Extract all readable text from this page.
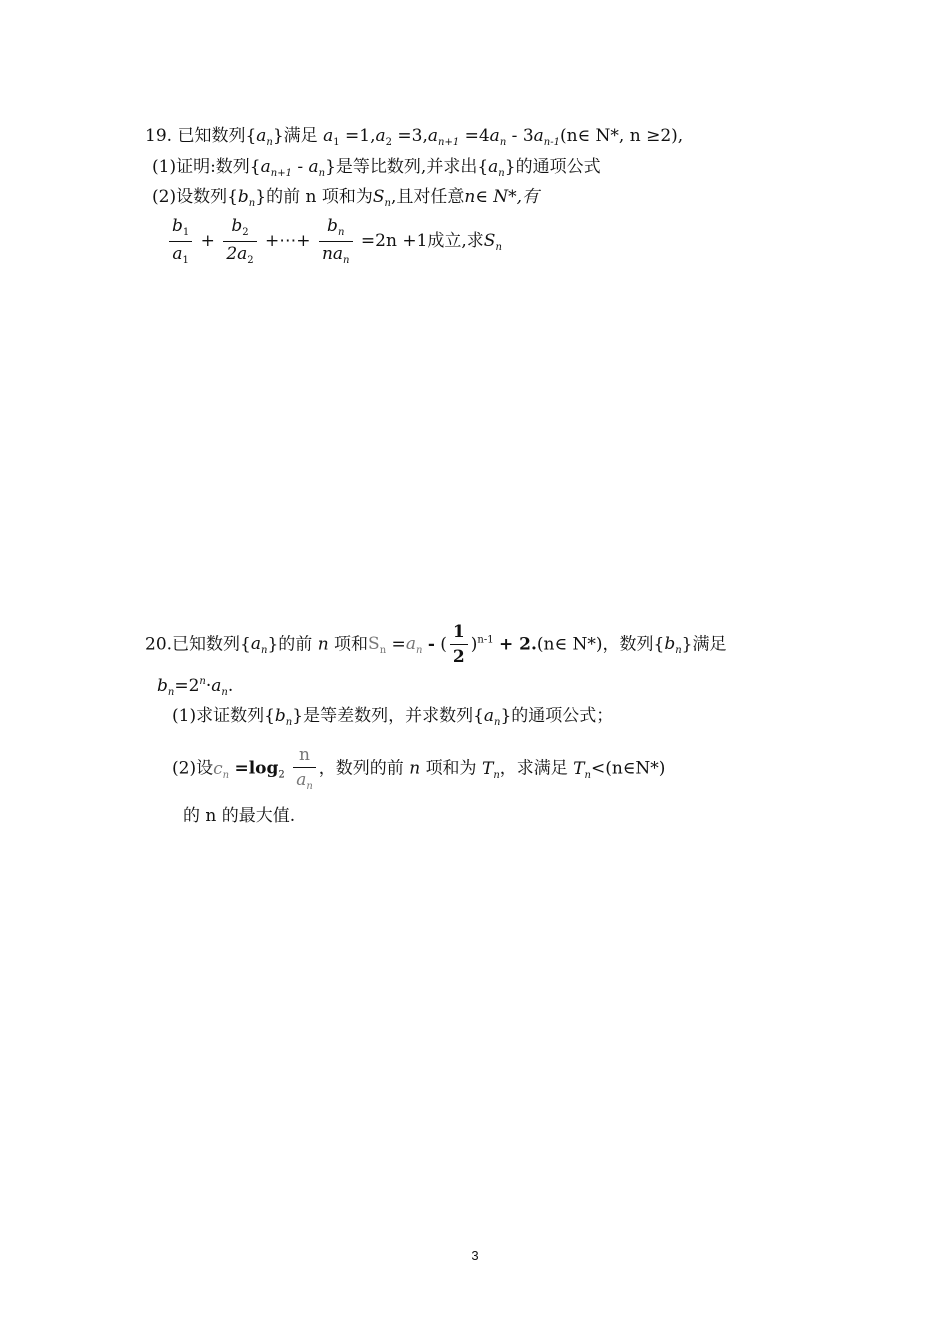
19. 已知数列$\{a_n\}$满足 $a_1 =1,a_2 =3,a_{n+1} =4a_n$ - $3a_{n-1}(n\in$ N*, n ≥2),
(1)证明:数列$\{a_{n+1} - a_n\}$是等比数列,并求出$\{a_n\}$的通项公式
(2)设数列$\{b_n\}$的前 n 项和为$S_n$,且对任意n∈ N*,有
$\frac{b_1}{a_1} + \frac{b_2}{2a_2}$ +⋯+ $\frac{b_n}{na_n} =2n +1$成立,求$S_n$
20.已知数列$\{a_n\}$的前 n 项和$S_n =a_n$ - ( $\frac{1}{2} )^{n-1}$ + 2.(n∈ N*)，数列$\{b_n\}$满足
$b_n=2^n\cdot a_n$.
(1)求证数列$\{b_n\}$是等差数列，并求数列$\{a_n\}$的通项公式；
(2)设$c_n =\log_2 \frac{n}{a_n}$ ，数列的前 n 项和为 $T_n$，求满足 $T_n<(n\in N*)$
的 n 的最大值.
3
